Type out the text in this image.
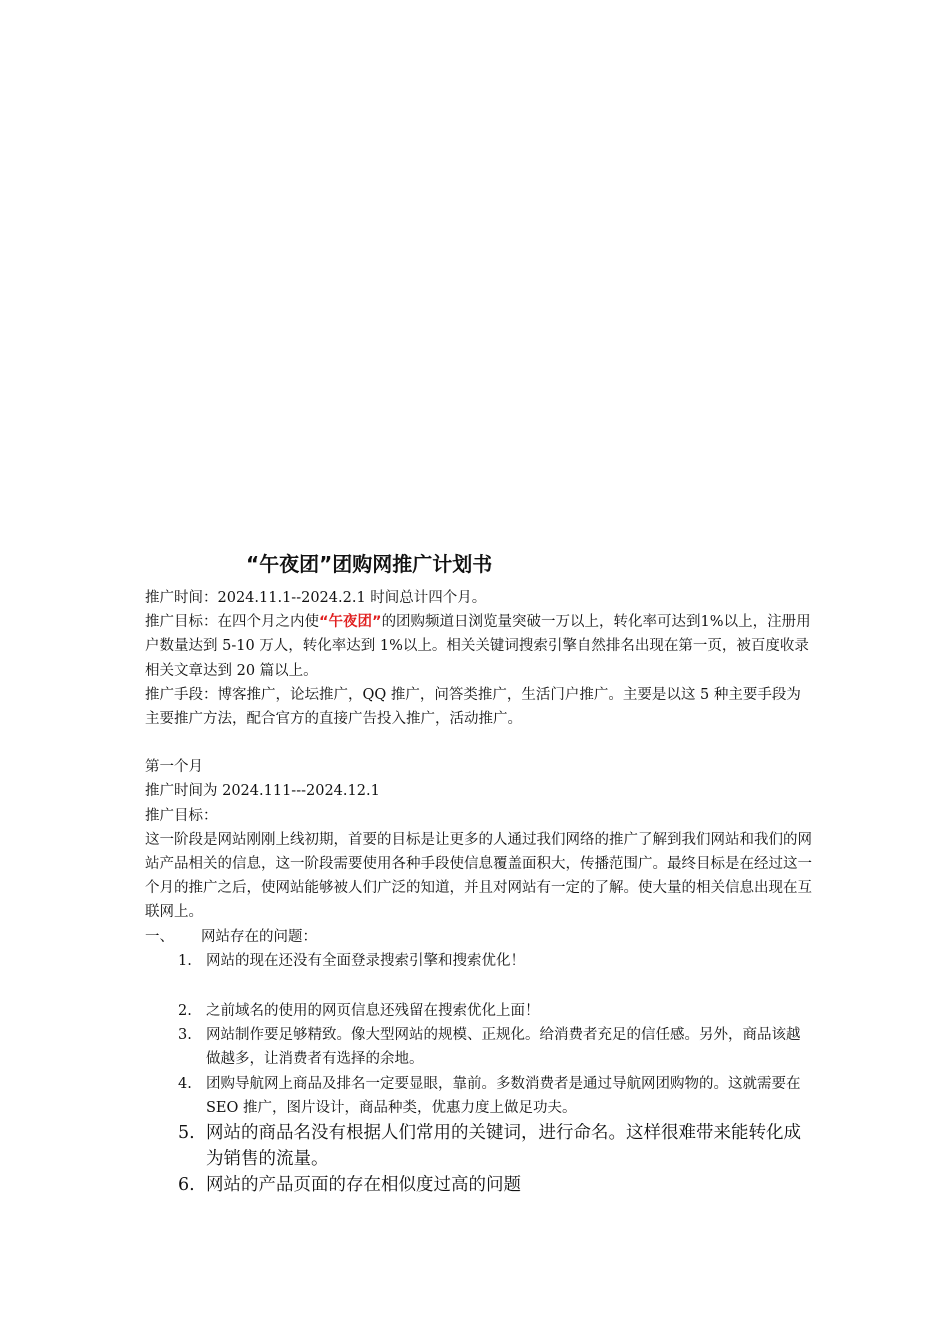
“午夜团”团购网推广计划书

推广时间：2024.11.1--2024.2.1 时间总计四个月。

推广目标：在四个月之内使“午夜团”的团购频道日浏览量突破一万以上，转化率可达到1%以上，注册用户数量达到 5-10 万人，转化率达到 1%以上。相关关键词搜索引擎自然排名出现在第一页，被百度收录相关文章达到 20 篇以上。

推广手段：博客推广，论坛推广，QQ 推广，问答类推广，生活门户推广。主要是以这 5 种主要手段为主要推广方法，配合官方的直接广告投入推广，活动推广。

第一个月

推广时间为 2024.111---2024.12.1

推广目标：

这一阶段是网站刚刚上线初期，首要的目标是让更多的人通过我们网络的推广了解到我们网站和我们的网站产品相关的信息，这一阶段需要使用各种手段使信息覆盖面积大，传播范围广。最终目标是在经过这一个月的推广之后，使网站能够被人们广泛的知道，并且对网站有一定的了解。使大量的相关信息出现在互联网上。

一、	网站存在的问题：
1. 网站的现在还没有全面登录搜索引擎和搜索优化！
2. 之前域名的使用的网页信息还残留在搜索优化上面！
3. 网站制作要足够精致。像大型网站的规模、正规化。给消费者充足的信任感。另外，商品该越做越多，让消费者有选择的余地。
4. 团购导航网上商品及排名一定要显眼，靠前。多数消费者是通过导航网团购物的。这就需要在 SEO 推广，图片设计，商品种类，优惠力度上做足功夫。
5. 网站的商品名没有根据人们常用的关键词，进行命名。这样很难带来能转化成为销售的流量。
6. 网站的产品页面的存在相似度过高的问题
